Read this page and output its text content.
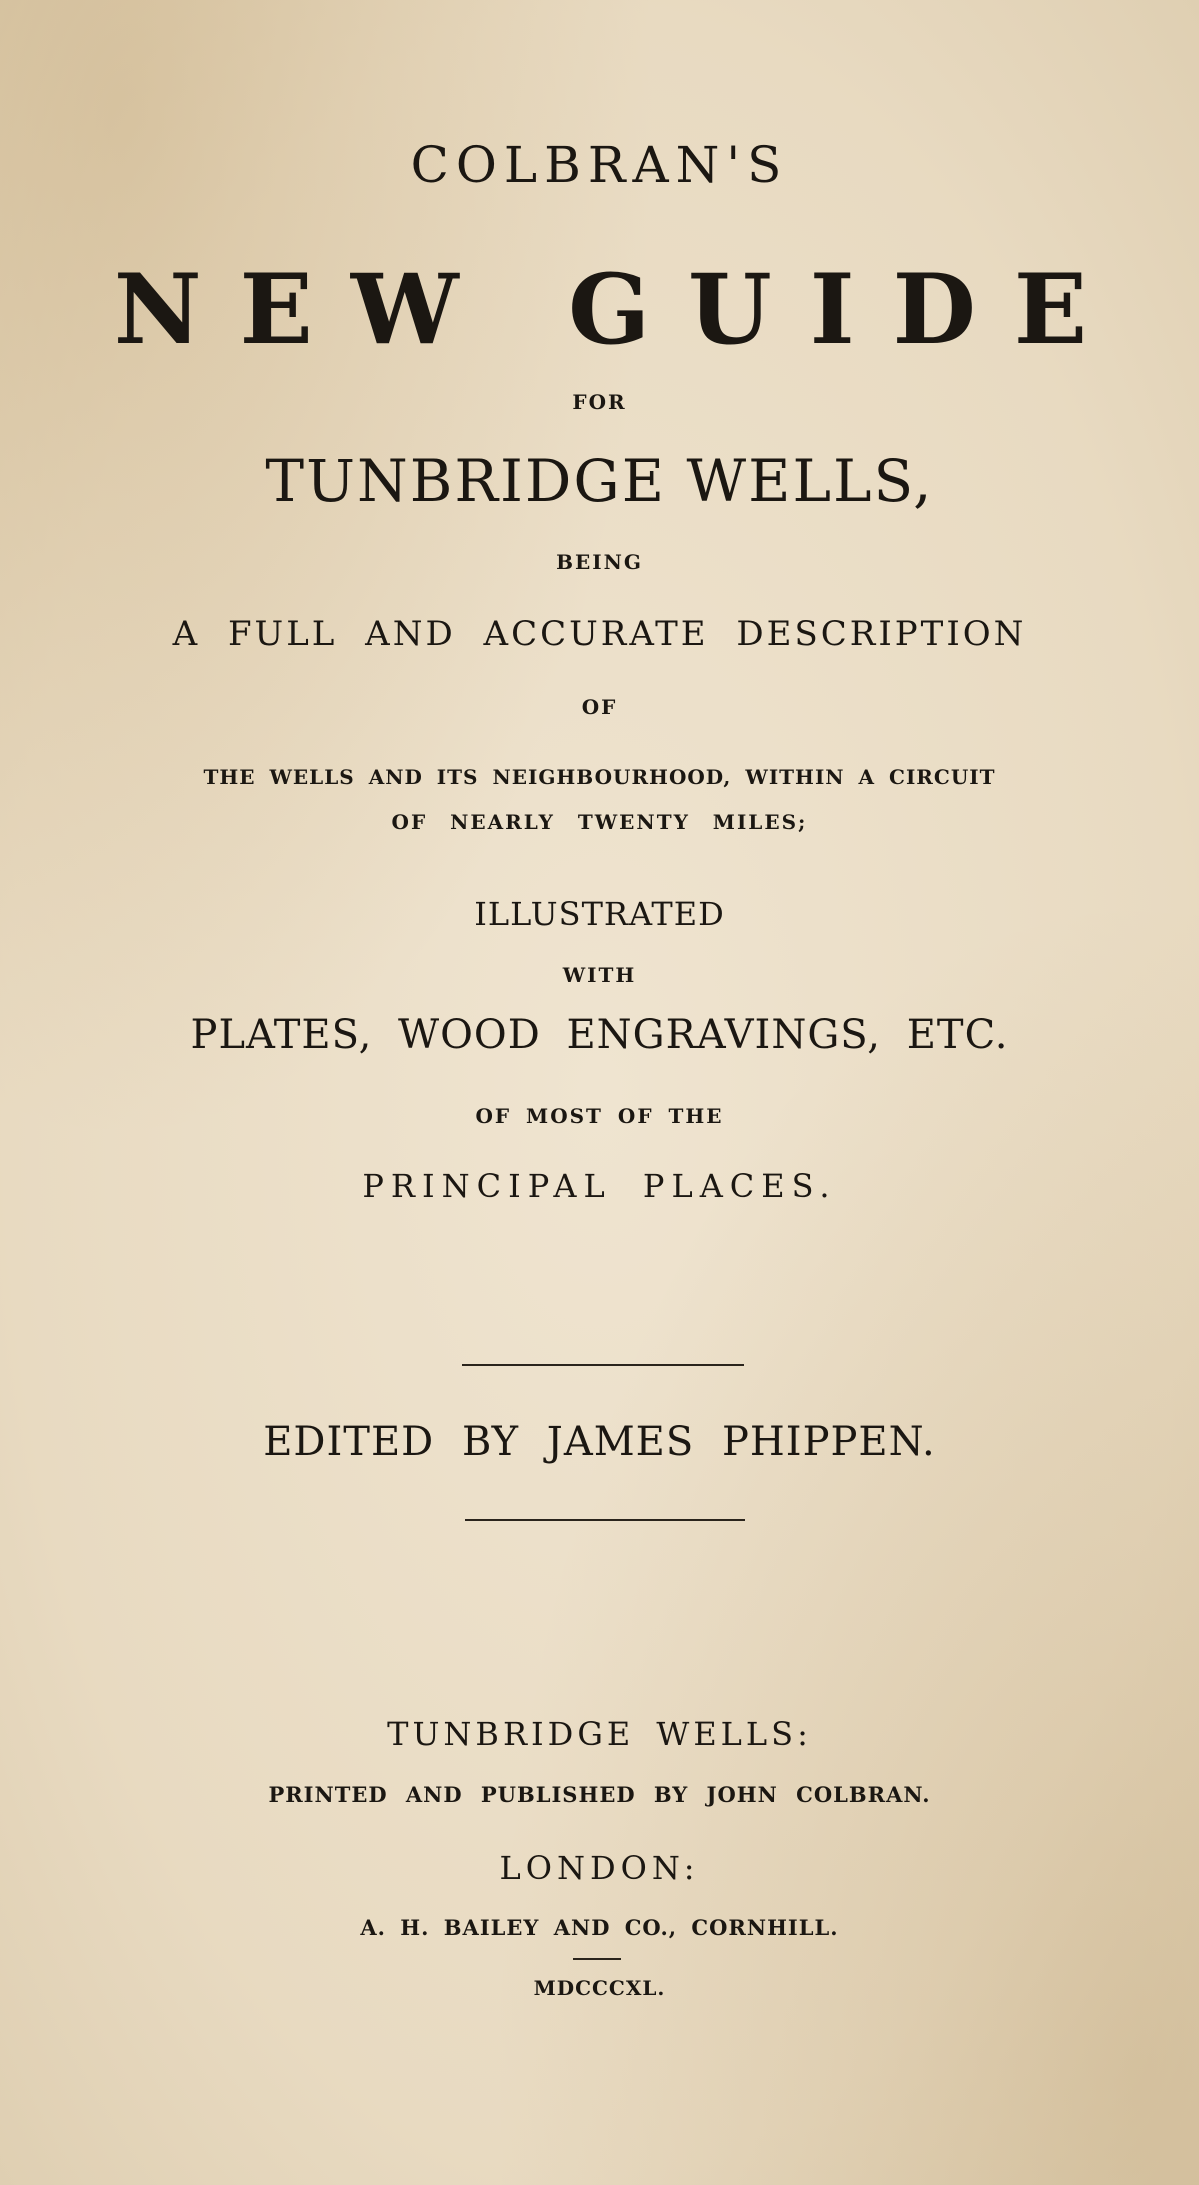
COLBRAN'S
NEW GUIDE
FOR
TUNBRIDGE WELLS,
BEING
A FULL AND ACCURATE DESCRIPTION
OF
THE WELLS AND ITS NEIGHBOURHOOD, WITHIN A CIRCUIT
OF NEARLY TWENTY MILES;
ILLUSTRATED
WITH
PLATES, WOOD ENGRAVINGS, ETC.
OF MOST OF THE
PRINCIPAL PLACES.
EDITED BY JAMES PHIPPEN.
TUNBRIDGE WELLS:
PRINTED AND PUBLISHED BY JOHN COLBRAN.
LONDON:
A. H. BAILEY AND CO., CORNHILL.
MDCCCXL.
